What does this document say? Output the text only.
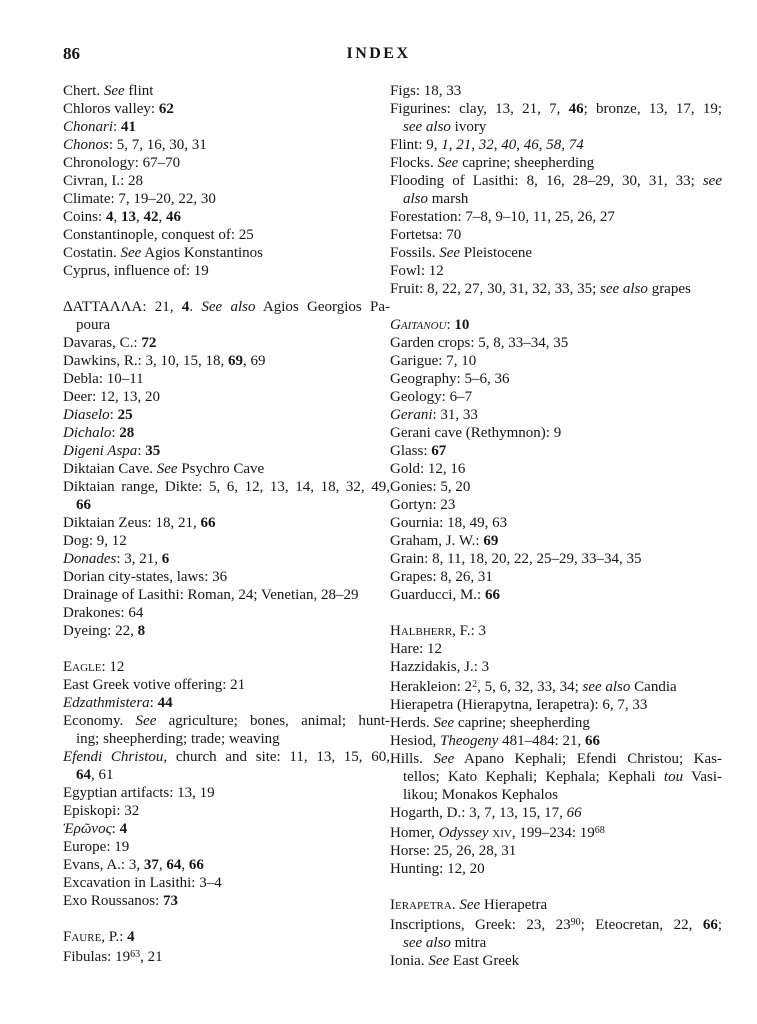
86	INDEX

Chert. See flint

Chloros valley: 62

Chonari: 41

Chonos: 5, 7, 16, 30, 31

Chronology: 67–70

Civran, I.: 28

Climate: 7, 19–20, 22, 30

Coins: 4, 13, 42, 46

Constantinople, conquest of: 25

Costatin. See Agios Konstantinos

Cyprus, influence of: 19

ΔΑΤΤΑΛΛΑ: 21, 4. See also Agios Georgios Pa-
poura

Davaras, C.: 72

Dawkins, R.: 3, 10, 15, 18, 69, 69

Debla: 10–11

Deer: 12, 13, 20

Diaselo: 25

Dichalo: 28

Digeni Aspa: 35

Diktaian Cave. See Psychro Cave

Diktaian range, Dikte: 5, 6, 12, 13, 14, 18, 32, 49,
66

Diktaian Zeus: 18, 21, 66

Dog: 9, 12

Donades: 3, 21, 6

Dorian city-states, laws: 36

Drainage of Lasithi: Roman, 24; Venetian, 28–29

Drakones: 64

Dyeing: 22, 8

Eagle: 12

East Greek votive offering: 21

Edzathmistera: 44

Economy. See agriculture; bones, animal; hunt-
ing; sheepherding; trade; weaving

Efendi Christou, church and site: 11, 13, 15, 60,
64, 61

Egyptian artifacts: 13, 19

Episkopi: 32

Ἐρῶνος: 4

Europe: 19

Evans, A.: 3, 37, 64, 66

Excavation in Lasithi: 3–4

Exo Roussanos: 73

Faure, P.: 4

Fibulas: $19^{63}$, 21

Figs: 18, 33

Figurines: clay, 13, 21, 7, 46; bronze, 13, 17, 19;
see also ivory

Flint: 9, 1, 21, 32, 40, 46, 58, 74

Flocks. See caprine; sheepherding

Flooding of Lasithi: 8, 16, 28–29, 30, 31, 33; see
also marsh

Forestation: 7–8, 9–10, 11, 25, 26, 27

Fortetsa: 70

Fossils. See Pleistocene

Fowl: 12

Fruit: 8, 22, 27, 30, 31, 32, 33, 35; see also grapes

Gaitanou: 10

Garden crops: 5, 8, 33–34, 35

Garigue: 7, 10

Geography: 5–6, 36

Geology: 6–7

Gerani: 31, 33

Gerani cave (Rethymnon): 9

Glass: 67

Gold: 12, 16

Gonies: 5, 20

Gortyn: 23

Gournia: 18, 49, 63

Graham, J. W.: 69

Grain: 8, 11, 18, 20, 22, 25–29, 33–34, 35

Grapes: 8, 26, 31

Guarducci, M.: 66

Halbherr, F.: 3

Hare: 12

Hazzidakis, J.: 3

Herakleion: $2^2$, 5, 6, 32, 33, 34; see also Candia

Hierapetra (Hierapytna, Ierapetra): 6, 7, 33

Herds. See caprine; sheepherding

Hesiod, Theogeny 481–484: 21, 66

Hills. See Apano Kephali; Efendi Christou; Kas-
tellos; Kato Kephali; Kephala; Kephali tou Vasi-
likou; Monakos Kephalos

Hogarth, D.: 3, 7, 13, 15, 17, 66

Homer, Odyssey xiv, 199–234: $19^{68}$

Horse: 25, 26, 28, 31

Hunting: 12, 20

Ierapetra. See Hierapetra

Inscriptions, Greek: 23, $23^{90}$; Eteocretan, 22, 66;
see also mitra

Ionia. See East Greek
